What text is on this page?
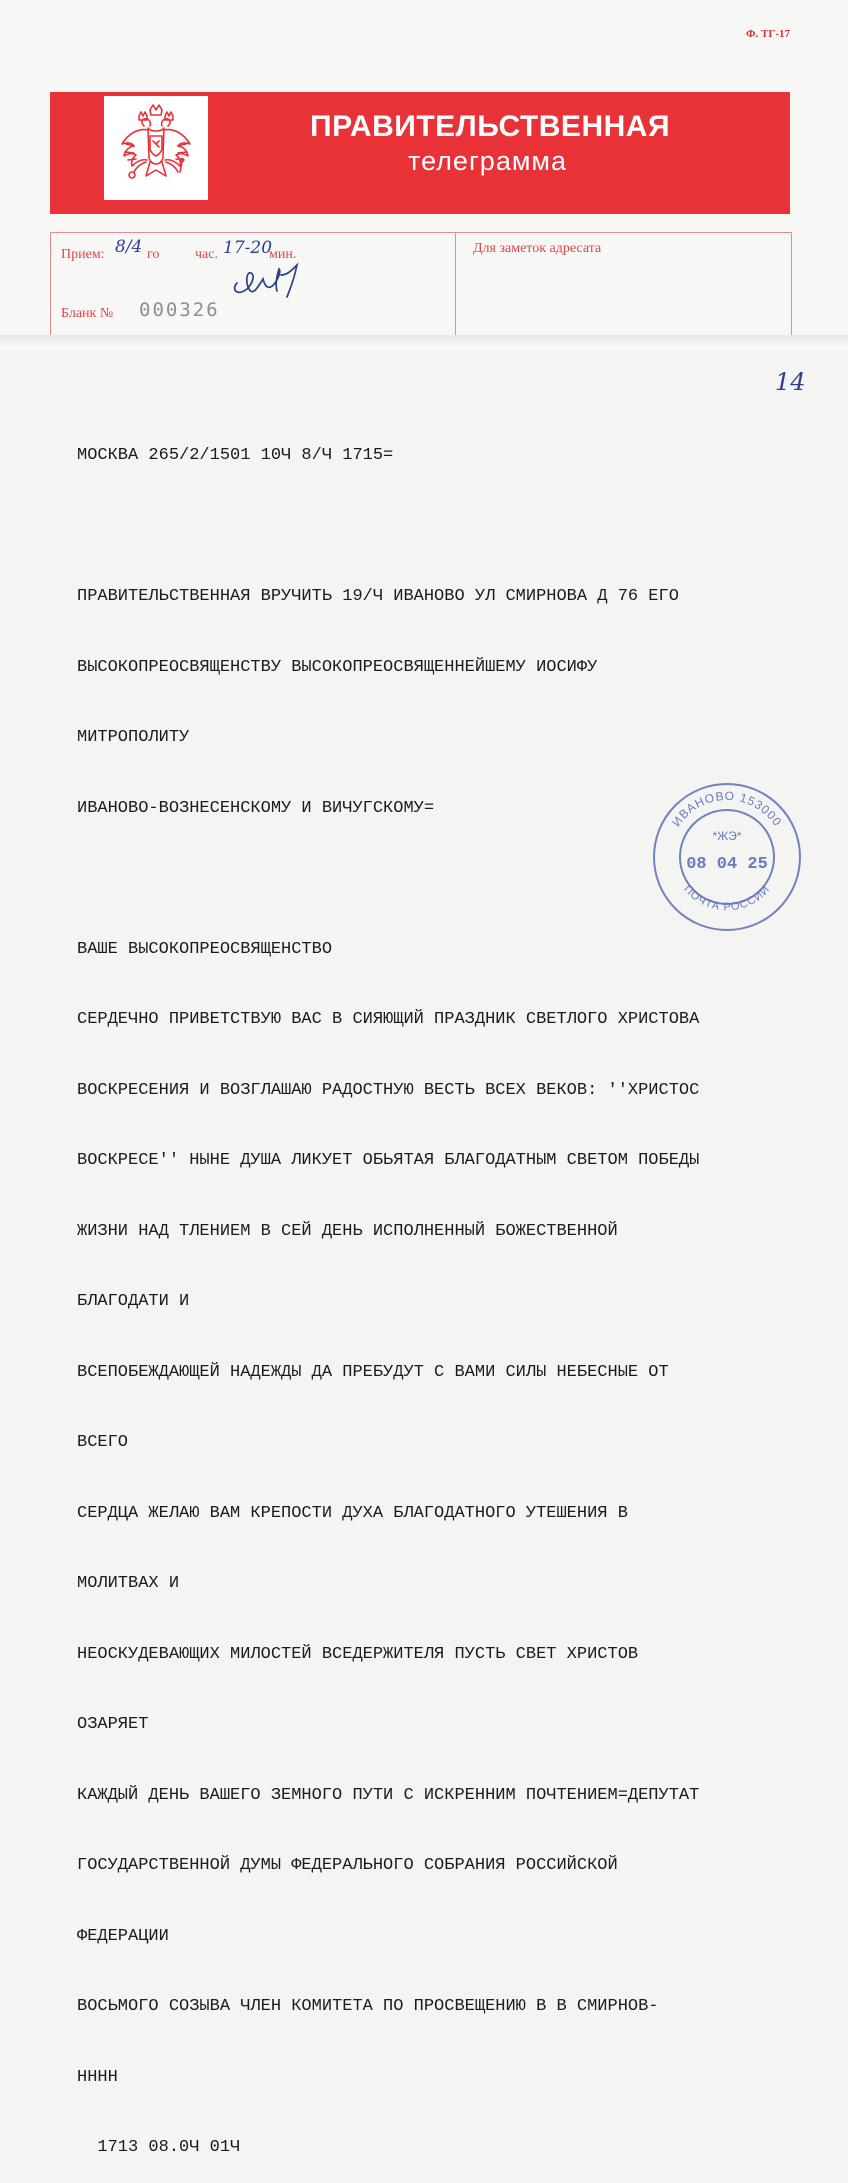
Ф. ТГ-17
ПРАВИТЕЛЬСТВЕННАЯ
телеграмма
Прием: 8/4 го	час. 17-20
мин.
Бланк № 000326
Для заметок адресата
14

МОСКВА 265/2/1501 10Ч 8/Ч 1715=

ПРАВИТЕЛЬСТВЕННАЯ ВРУЧИТЬ 19/Ч ИВАНОВО УЛ СМИРНОВА Д 76 ЕГО

ВЫСОКОПРЕОСВЯЩЕНСТВУ ВЫСОКОПРЕОСВЯЩЕННЕЙШЕМУ ИОСИФУ

МИТРОПОЛИТУ

ИВАНОВО-ВОЗНЕСЕНСКОМУ И ВИЧУГСКОМУ=

ВАШЕ ВЫСОКОПРЕОСВЯЩЕНСТВО

СЕРДЕЧНО ПРИВЕТСТВУЮ ВАС В СИЯЮЩИЙ ПРАЗДНИК СВЕТЛОГО ХРИСТОВА

ВОСКРЕСЕНИЯ И ВОЗГЛАШАЮ РАДОСТНУЮ ВЕСТЬ ВСЕХ ВЕКОВ: ''ХРИСТОС

ВОСКРЕСЕ'' НЫНЕ ДУША ЛИКУЕТ ОБЬЯТАЯ БЛАГОДАТНЫМ СВЕТОМ ПОБЕДЫ

ЖИЗНИ НАД ТЛЕНИЕМ В СЕЙ ДЕНЬ ИСПОЛНЕННЫЙ БОЖЕСТВЕННОЙ

БЛАГОДАТИ И

ВСЕПОБЕЖДАЮЩЕЙ НАДЕЖДЫ ДА ПРЕБУДУТ С ВАМИ СИЛЫ НЕБЕСНЫЕ ОТ

ВСЕГО

СЕРДЦА ЖЕЛАЮ ВАМ КРЕПОСТИ ДУХА БЛАГОДАТНОГО УТЕШЕНИЯ В

МОЛИТВАХ И

НЕОСКУДЕВАЮЩИХ МИЛОСТЕЙ ВСЕДЕРЖИТЕЛЯ ПУСТЬ СВЕТ ХРИСТОВ

ОЗАРЯЕТ

КАЖДЫЙ ДЕНЬ ВАШЕГО ЗЕМНОГО ПУТИ С ИСКРЕННИМ ПОЧТЕНИЕМ=ДЕПУТАТ

ГОСУДАРСТВЕННОЙ ДУМЫ ФЕДЕРАЛЬНОГО СОБРАНИЯ РОССИЙСКОЙ

ФЕДЕРАЦИИ

ВОСЬМОГО СОЗЫВА ЧЛЕН КОМИТЕТА ПО ПРОСВЕЩЕНИЮ В В СМИРНОВ-

НННН

1713 08.0Ч 01Ч

ИВАНОВО 153000
ПОЧТА РОССИИ
*ЖЭ*
08 04 25
